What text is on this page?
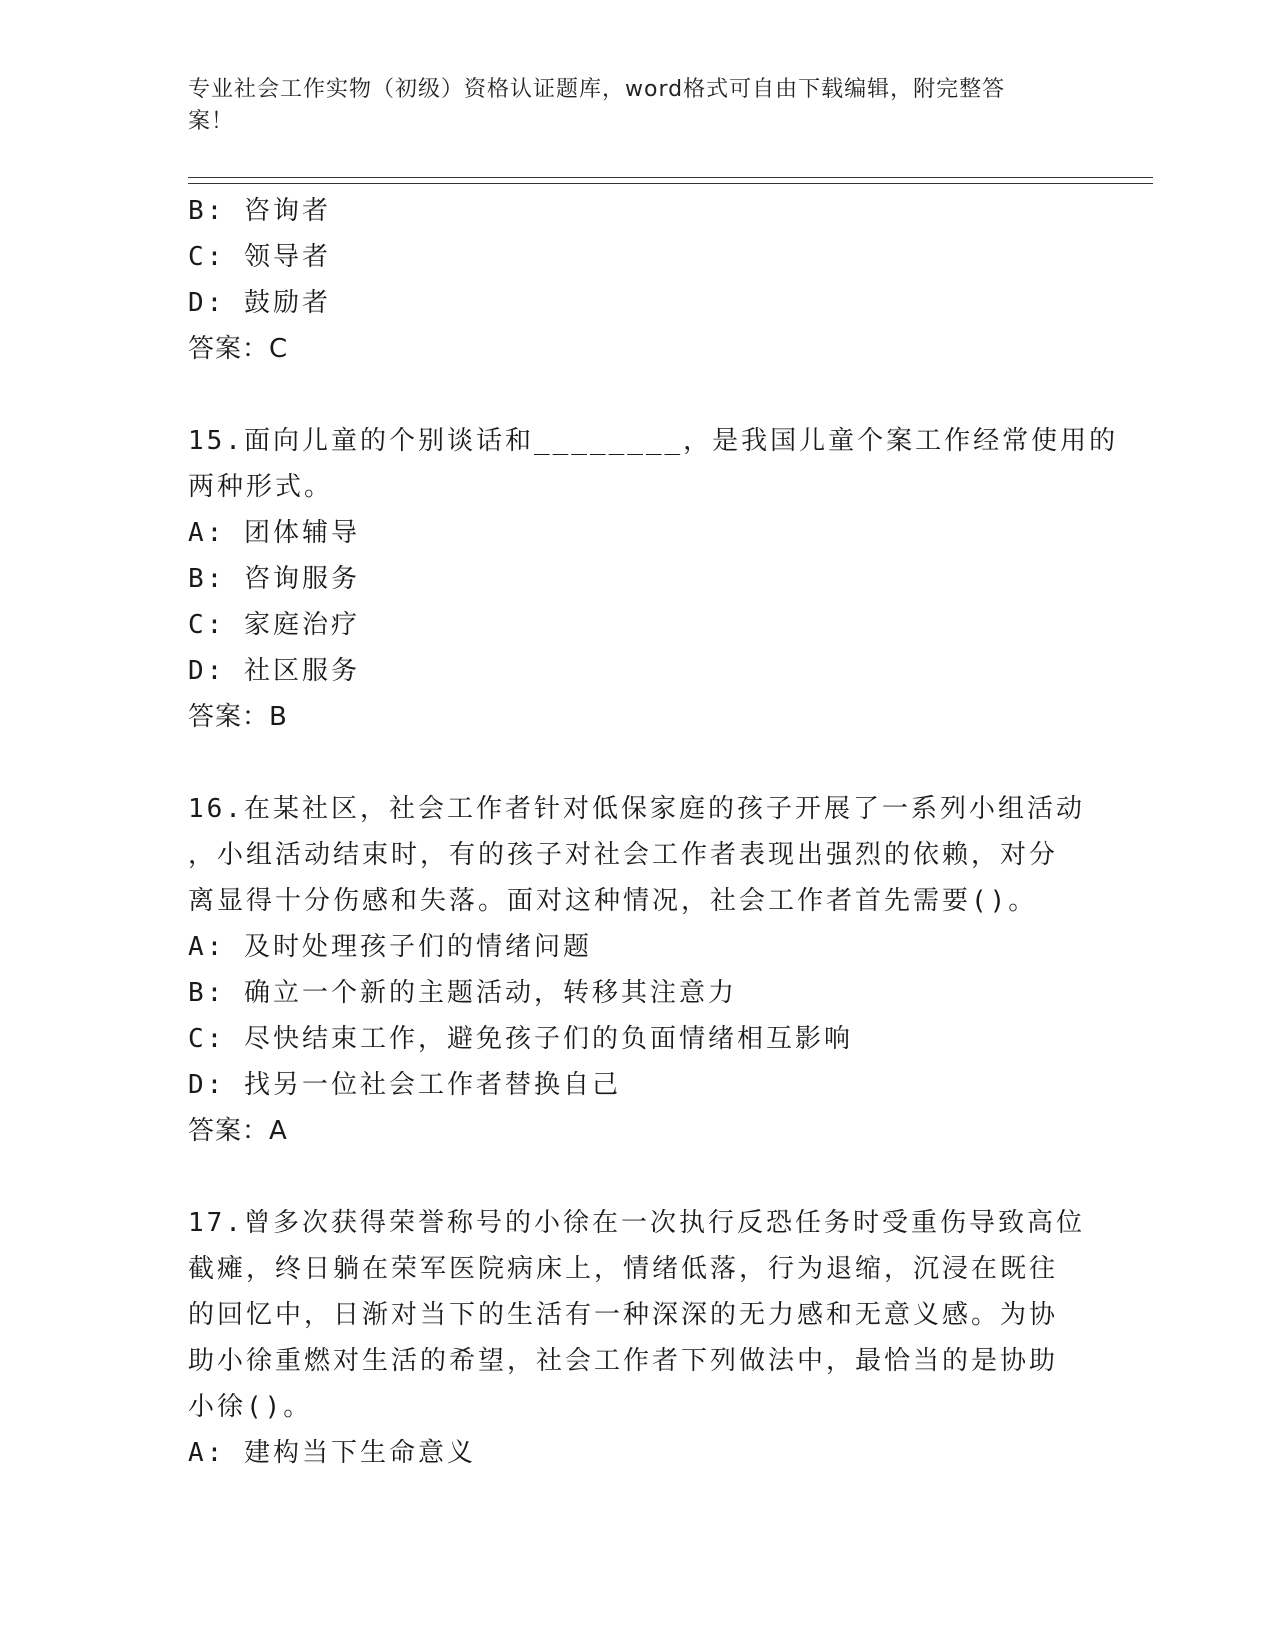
专业社会工作实物（初级）资格认证题库，word格式可自由下载编辑，附完整答
案！
B: 咨询者
C: 领导者
D: 鼓励者
答案：C
15.面向儿童的个别谈话和________，是我国儿童个案工作经常使用的
两种形式。
A: 团体辅导
B: 咨询服务
C: 家庭治疗
D: 社区服务
答案：B
16.在某社区，社会工作者针对低保家庭的孩子开展了一系列小组活动
，小组活动结束时，有的孩子对社会工作者表现出强烈的依赖，对分
离显得十分伤感和失落。面对这种情况，社会工作者首先需要()。
A: 及时处理孩子们的情绪问题
B: 确立一个新的主题活动，转移其注意力
C: 尽快结束工作，避免孩子们的负面情绪相互影响
D: 找另一位社会工作者替换自己
答案：A
17.曾多次获得荣誉称号的小徐在一次执行反恐任务时受重伤导致高位
截瘫，终日躺在荣军医院病床上，情绪低落，行为退缩，沉浸在既往
的回忆中，日渐对当下的生活有一种深深的无力感和无意义感。为协
助小徐重燃对生活的希望，社会工作者下列做法中，最恰当的是协助
小徐()。
A: 建构当下生命意义
